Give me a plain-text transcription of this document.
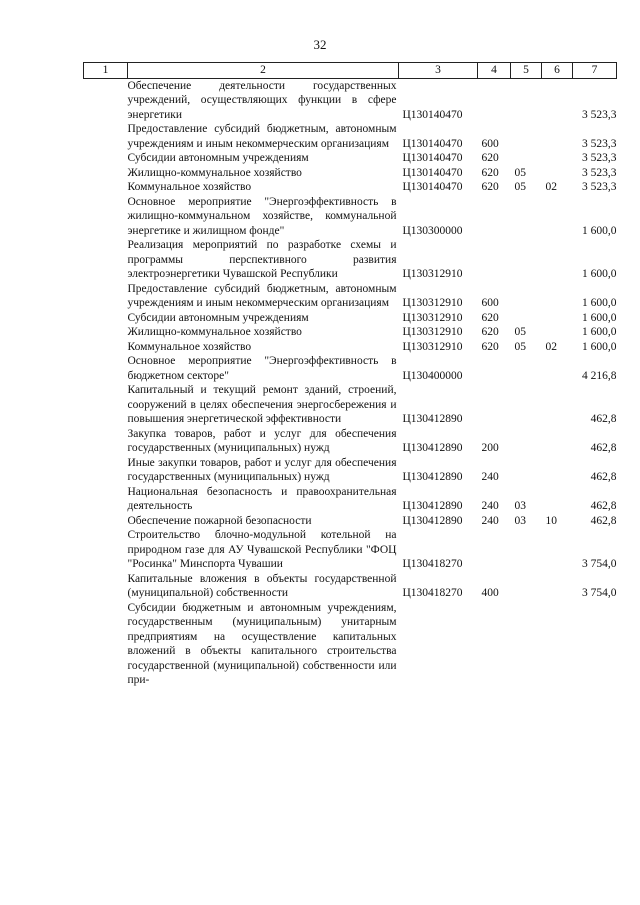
32
1	2	3	4	5	6	7
	Обеспечение деятельности государственных учреждений, осуществляющих функции в сфере энергетики	Ц130140470				3 523,3
	Предоставление субсидий бюджетным, автономным учреждениям и иным некоммерческим организациям	Ц130140470	600			3 523,3
	Субсидии автономным учреждениям	Ц130140470	620			3 523,3
	Жилищно-коммунальное хозяйство	Ц130140470	620	05		3 523,3
	Коммунальное хозяйство	Ц130140470	620	05	02	3 523,3
	Основное мероприятие "Энергоэффективность в жилищно-коммунальном хозяйстве, коммунальной энергетике и жилищном фонде"	Ц130300000				1 600,0
	Реализация мероприятий по разработке схемы и программы перспективного развития электроэнергетики Чувашской Республики	Ц130312910				1 600,0
	Предоставление субсидий бюджетным, автономным учреждениям и иным некоммерческим организациям	Ц130312910	600			1 600,0
	Субсидии автономным учреждениям	Ц130312910	620			1 600,0
	Жилищно-коммунальное хозяйство	Ц130312910	620	05		1 600,0
	Коммунальное хозяйство	Ц130312910	620	05	02	1 600,0
	Основное мероприятие "Энергоэффективность в бюджетном секторе"	Ц130400000				4 216,8
	Капитальный и текущий ремонт зданий, строений, сооружений в целях обеспечения энергосбережения и повышения энергетической эффективности	Ц130412890				462,8
	Закупка товаров, работ и услуг для обеспечения государственных (муниципальных) нужд	Ц130412890	200			462,8
	Иные закупки товаров, работ и услуг для обеспечения государственных (муниципальных) нужд	Ц130412890	240			462,8
	Национальная безопасность и правоохранительная деятельность	Ц130412890	240	03		462,8
	Обеспечение пожарной безопасности	Ц130412890	240	03	10	462,8
	Строительство блочно-модульной котельной на природном газе для АУ Чувашской Республики "ФОЦ "Росинка" Минспорта Чувашии	Ц130418270				3 754,0
	Капитальные вложения в объекты государственной (муниципальной) собственности	Ц130418270	400			3 754,0
	Субсидии бюджетным и автономным учреждениям, государственным (муниципальным) унитарным предприятиям на осуществление капитальных вложений в объекты капитального строительства государственной (муниципальной) собственности или при-					
